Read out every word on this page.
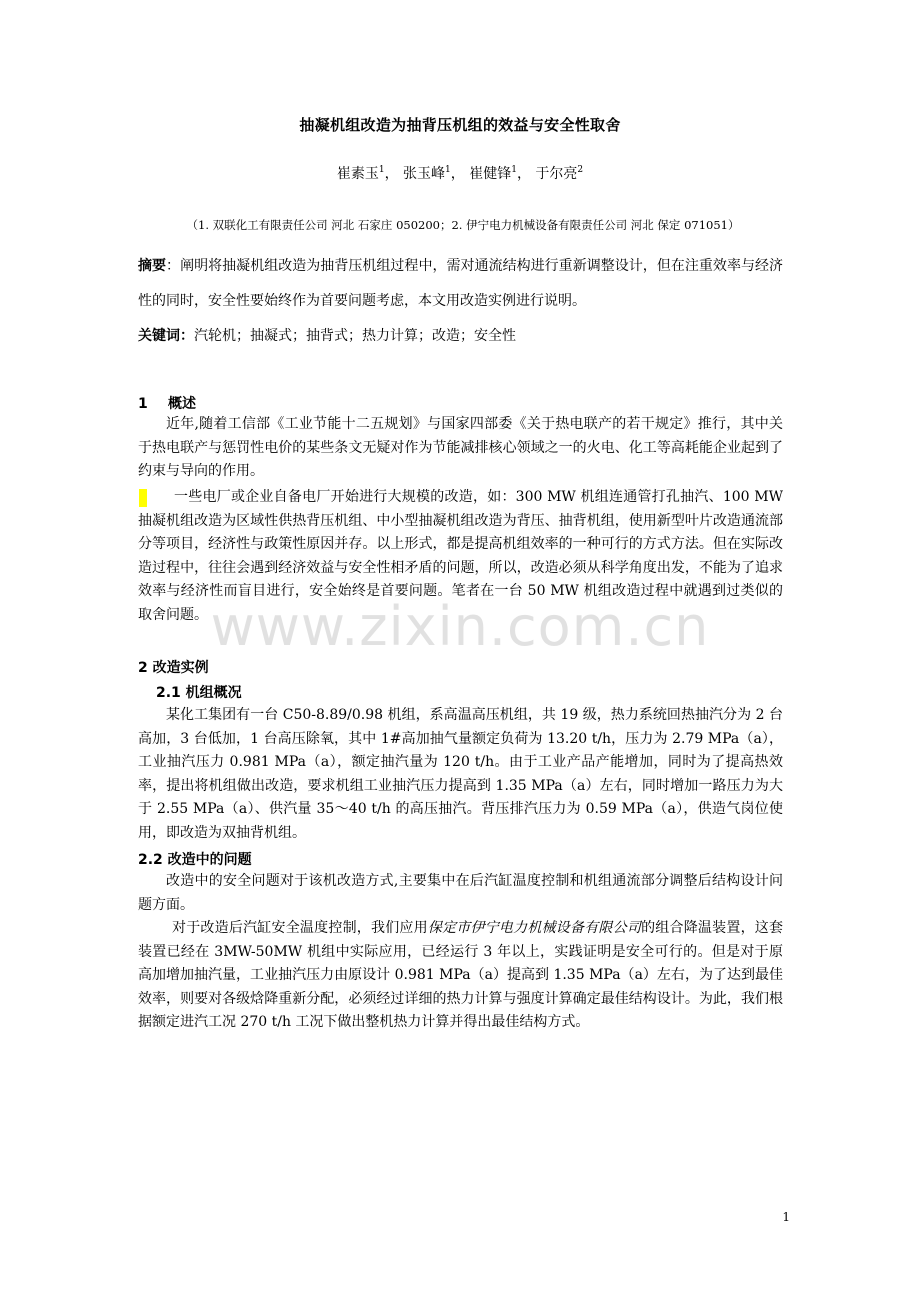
抽凝机组改造为抽背压机组的效益与安全性取舍
崔素玉$^1$， 张玉峰$^1$， 崔健锋$^1$， 于尔亮$^2$
（1. 双联化工有限责任公司 河北 石家庄 050200；2. 伊宁电力机械设备有限责任公司 河北 保定 071051）
摘要：阐明将抽凝机组改造为抽背压机组过程中，需对通流结构进行重新调整设计，但在注重效率与经济性的同时，安全性要始终作为首要问题考虑，本文用改造实例进行说明。
关键词：汽轮机；抽凝式；抽背式；热力计算；改造；安全性
1 概述

近年,随着工信部《工业节能十二五规划》与国家四部委《关于热电联产的若干规定》推行，其中关于热电联产与惩罚性电价的某些条文无疑对作为节能减排核心领域之一的火电、化工等高耗能企业起到了约束与导向的作用。

一些电厂或企业自备电厂开始进行大规模的改造，如：300 MW 机组连通管打孔抽汽、100 MW 抽凝机组改造为区域性供热背压机组、中小型抽凝机组改造为背压、抽背机组，使用新型叶片改造通流部分等项目，经济性与政策性原因并存。以上形式，都是提高机组效率的一种可行的方式方法。但在实际改造过程中，往往会遇到经济效益与安全性相矛盾的问题，所以，改造必须从科学角度出发，不能为了追求效率与经济性而盲目进行，安全始终是首要问题。笔者在一台 50 MW 机组改造过程中就遇到过类似的取舍问题。 www.zixin.com.cn
2 改造实例
2.1 机组概况

某化工集团有一台 C50-8.89/0.98 机组，系高温高压机组，共 19 级，热力系统回热抽汽分为 2 台高加，3 台低加，1 台高压除氧，其中 1#高加抽气量额定负荷为 13.20 t/h，压力为 2.79 MPa（a），工业抽汽压力 0.981 MPa（a），额定抽汽量为 120 t/h。由于工业产品产能增加，同时为了提高热效率，提出将机组做出改造，要求机组工业抽汽压力提高到 1.35 MPa（a）左右，同时增加一路压力为大于 2.55 MPa（a）、供汽量 35～40 t/h 的高压抽汽。背压排汽压力为 0.59 MPa（a），供造气岗位使用，即改造为双抽背机组。

2.2 改造中的问题

改造中的安全问题对于该机改造方式,主要集中在后汽缸温度控制和机组通流部分调整后结构设计问题方面。

对于改造后汽缸安全温度控制，我们应用保定市伊宁电力机械设备有限公司的组合降温装置，这套装置已经在 3MW-50MW 机组中实际应用，已经运行 3 年以上，实践证明是安全可行的。但是对于原高加增加抽汽量，工业抽汽压力由原设计 0.981 MPa（a）提高到 1.35 MPa（a）左右，为了达到最佳效率，则要对各级焓降重新分配，必须经过详细的热力计算与强度计算确定最佳结构设计。为此，我们根据额定进汽工况 270 t/h 工况下做出整机热力计算并得出最佳结构方式。

1
